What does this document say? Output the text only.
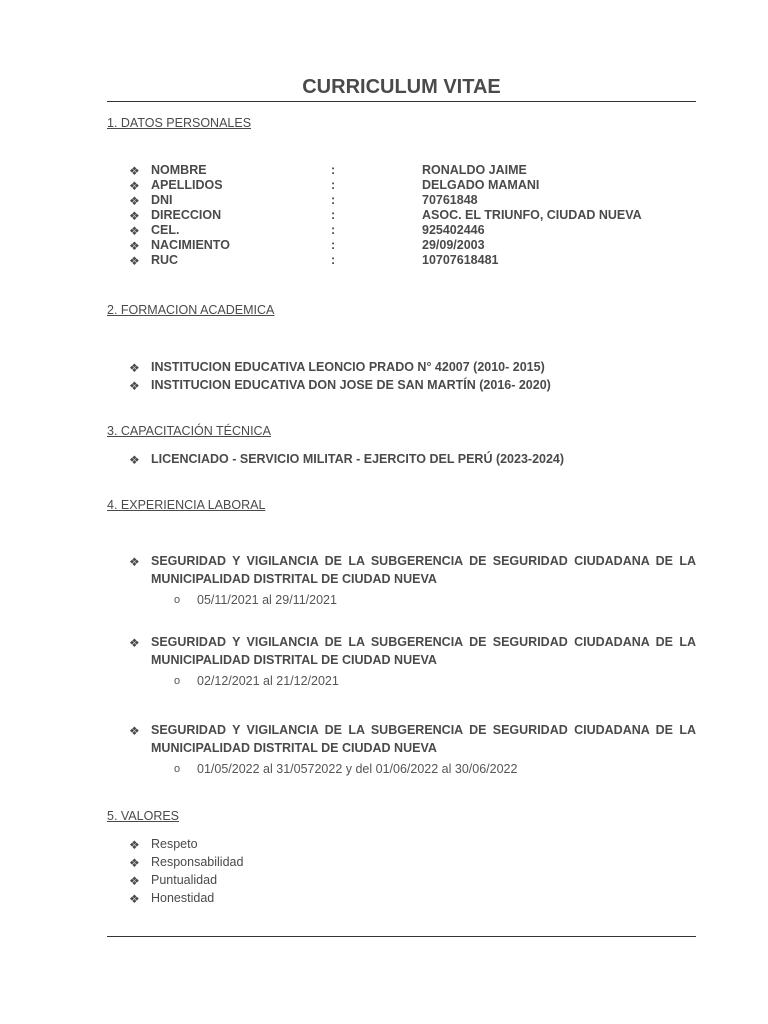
CURRICULUM VITAE
1. DATOS PERSONALES
❖ NOMBRE	:	RONALDO JAIME
❖ APELLIDOS	:	DELGADO MAMANI
❖ DNI	:	70761848
❖ DIRECCION	:	ASOC. EL TRIUNFO, CIUDAD NUEVA
❖ CEL.	:	925402446
❖ NACIMIENTO	:	29/09/2003
❖ RUC	:	10707618481
2. FORMACION ACADEMICA
❖ INSTITUCION EDUCATIVA LEONCIO PRADO N° 42007 (2010- 2015)
❖ INSTITUCION EDUCATIVA DON JOSE DE SAN MARTÍN (2016- 2020)
3. CAPACITACIÓN TÉCNICA
❖ LICENCIADO - SERVICIO MILITAR - EJERCITO DEL PERÚ (2023-2024)
4. EXPERIENCIA LABORAL
❖ SEGURIDAD Y VIGILANCIA DE LA SUBGERENCIA DE SEGURIDAD CIUDADANA DE LA
MUNICIPALIDAD DISTRITAL DE CIUDAD NUEVA
o 05/11/2021 al 29/11/2021
❖ SEGURIDAD Y VIGILANCIA DE LA SUBGERENCIA DE SEGURIDAD CIUDADANA DE LA
MUNICIPALIDAD DISTRITAL DE CIUDAD NUEVA
o 02/12/2021 al 21/12/2021
❖ SEGURIDAD Y VIGILANCIA DE LA SUBGERENCIA DE SEGURIDAD CIUDADANA DE LA
MUNICIPALIDAD DISTRITAL DE CIUDAD NUEVA
o 01/05/2022 al 31/0572022 y del 01/06/2022 al 30/06/2022
5. VALORES
❖ Respeto
❖ Responsabilidad
❖ Puntualidad
❖ Honestidad
